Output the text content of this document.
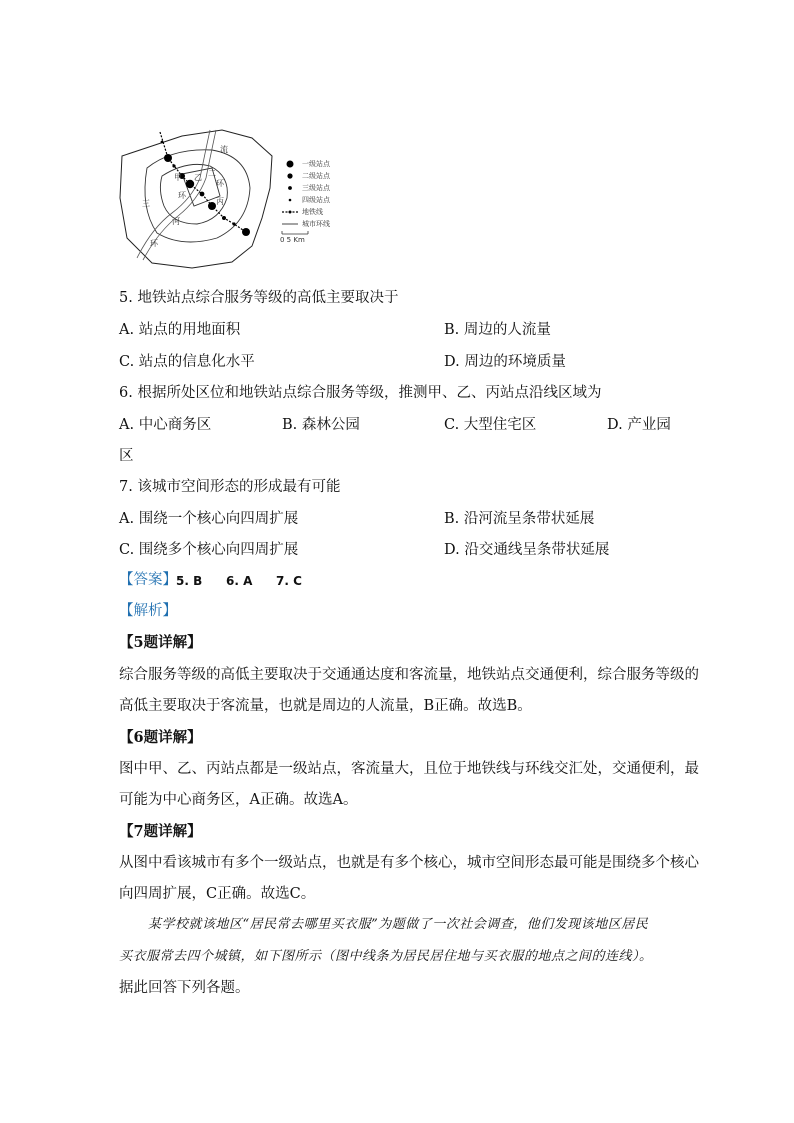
甲 乙
丙
流
二
环
环
三
环
河
一级站点
二级站点
三级站点
四级站点
地铁线
城市环线
0 5 Km
5. 地铁站点综合服务等级的高低主要取决于
A. 站点的用地面积	B. 周边的人流量
C. 站点的信息化水平	D. 周边的环境质量
6. 根据所处区位和地铁站点综合服务等级，推测甲、乙、丙站点沿线区域为
A. 中心商务区	B. 森林公园	C. 大型住宅区	D. 产业园
区
7. 该城市空间形态的形成最有可能
A. 围绕一个核心向四周扩展	B. 沿河流呈条带状延展
C. 围绕多个核心向四周扩展	D. 沿交通线呈条带状延展
【答案】 5. B 6. A 7. C
【解析】
【5题详解】
综合服务等级的高低主要取决于交通通达度和客流量，地铁站点交通便利，综合服务等级的
高低主要取决于客流量，也就是周边的人流量，B正确。故选B。
【6题详解】
图中甲、乙、丙站点都是一级站点，客流量大，且位于地铁线与环线交汇处，交通便利，最
可能为中心商务区，A正确。故选A。
【7题详解】
从图中看该城市有多个一级站点，也就是有多个核心，城市空间形态最可能是围绕多个核心
向四周扩展，C正确。故选C。
某学校就该地区“居民常去哪里买衣服”为题做了一次社会调查，他们发现该地区居民
买衣服常去四个城镇，如下图所示（图中线条为居民居住地与买衣服的地点之间的连线）。
据此回答下列各题。
